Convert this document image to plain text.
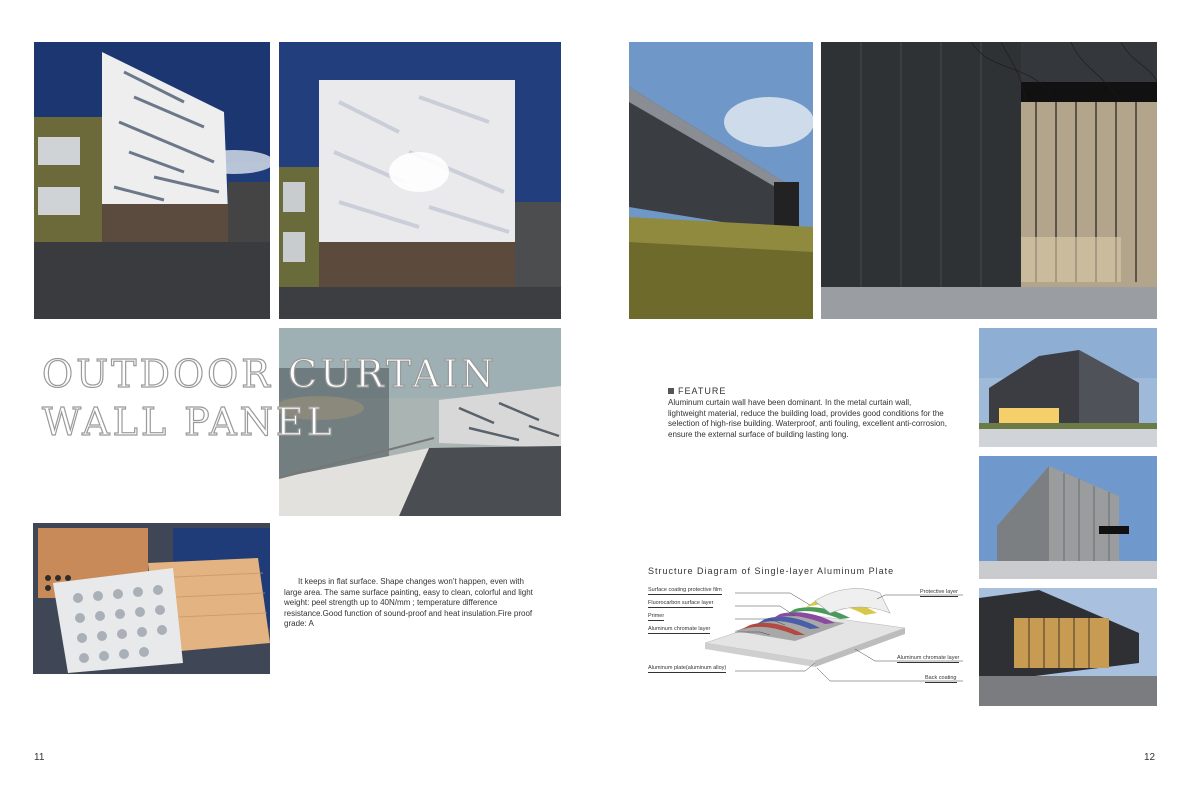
OUTDOOR CURTAIN
WALL PANEL
It keeps in flat surface. Shape changes won’t happen, even with large area. The same surface painting, easy to clean, colorful and light weight: peel strength up to 40N/mm ; temperature difference resistance.Good function of sound-proof and heat insulation.Fire proof grade: A
FEATURE
Aluminum curtain wall have been dominant. In the metal curtain wall, lightweight material, reduce the building load, provides good conditions for the selection of high-rise building. Waterproof, anti fouling, excellent anti-corrosion, ensure the external surface of building lasting long.
Structure Diagram of Single-layer Aluminum Plate
Surface coating protective film
Fluorocarbon surface layer
Primer
Aluminum chromate layer
Aluminum plate(aluminum alloy)
Protective layer
Aluminum chromate layer
Back coating
11	12
